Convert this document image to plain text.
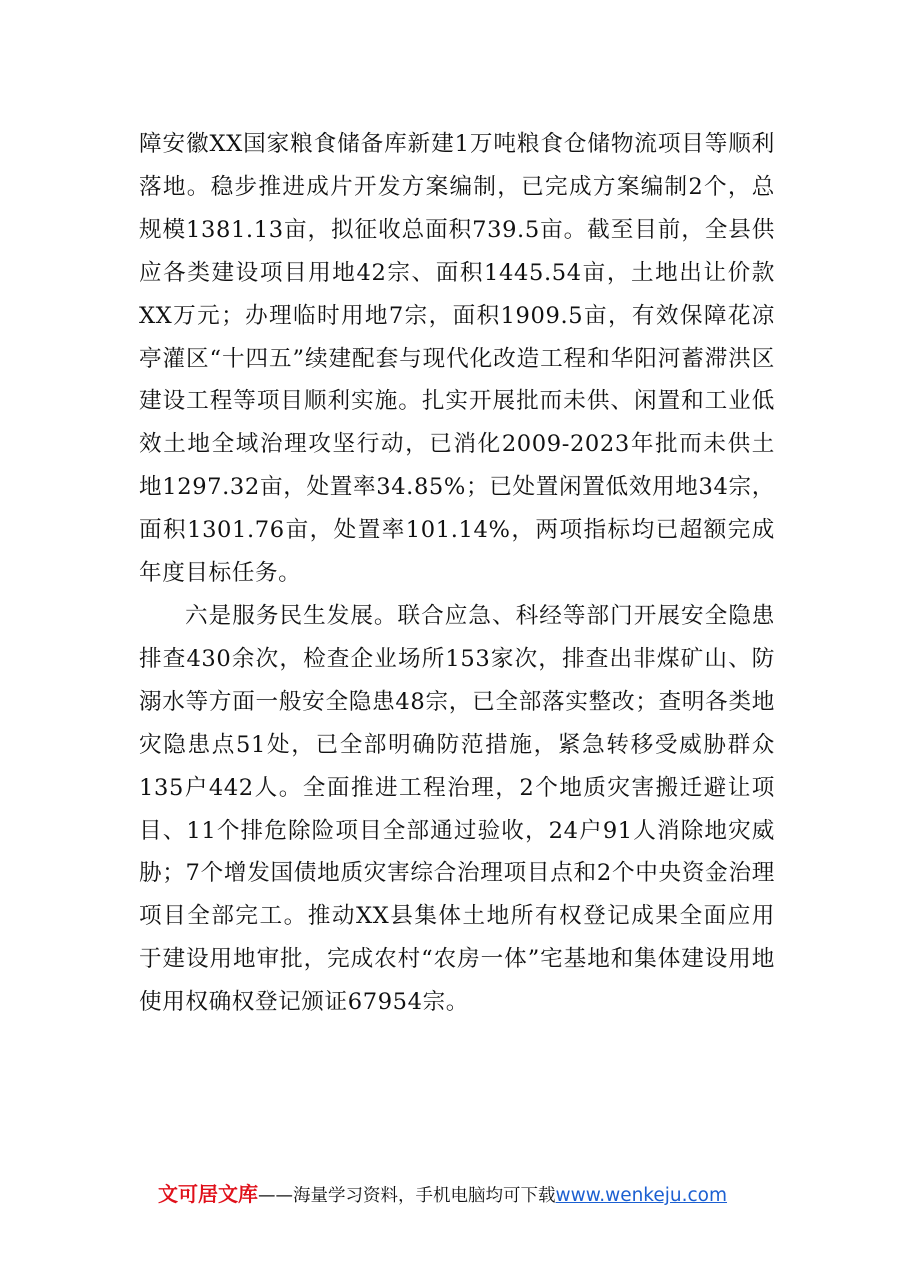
障安徽XX国家粮食储备库新建1万吨粮食仓储物流项目等顺利落地。稳步推进成片开发方案编制，已完成方案编制2个，总规模1381.13亩，拟征收总面积739.5亩。截至目前，全县供应各类建设项目用地42宗、面积1445.54亩，土地出让价款XX万元；办理临时用地7宗，面积1909.5亩，有效保障花凉亭灌区“十四五”续建配套与现代化改造工程和华阳河蓄滞洪区建设工程等项目顺利实施。扎实开展批而未供、闲置和工业低效土地全域治理攻坚行动，已消化2009-2023年批而未供土地1297.32亩，处置率34.85%；已处置闲置低效用地34宗，面积1301.76亩，处置率101.14%，两项指标均已超额完成年度目标任务。

六是服务民生发展。联合应急、科经等部门开展安全隐患排查430余次，检查企业场所153家次，排查出非煤矿山、防溺水等方面一般安全隐患48宗，已全部落实整改；查明各类地灾隐患点51处，已全部明确防范措施，紧急转移受威胁群众135户442人。全面推进工程治理，2个地质灾害搬迁避让项目、11个排危除险项目全部通过验收，24户91人消除地灾威胁；7个增发国债地质灾害综合治理项目点和2个中央资金治理项目全部完工。推动XX县集体土地所有权登记成果全面应用于建设用地审批，完成农村“农房一体”宅基地和集体建设用地使用权确权登记颁证67954宗。

文可居文库——海量学习资料，手机电脑均可下载www.wenkeju.com
